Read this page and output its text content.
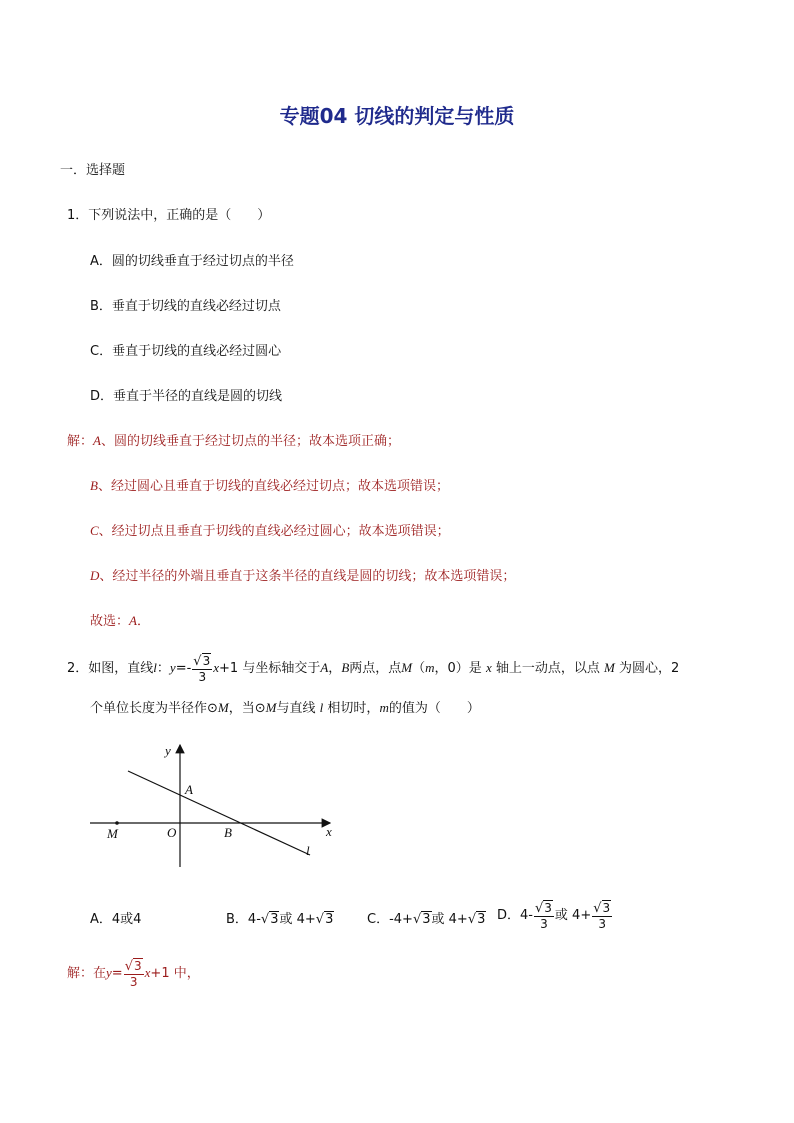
专题04 切线的判定与性质
一．选择题
1．下列说法中，正确的是（　　）
A．圆的切线垂直于经过切点的半径
B．垂直于切线的直线必经过切点
C．垂直于切线的直线必经过圆心
D．垂直于半径的直线是圆的切线
解：A、圆的切线垂直于经过切点的半径；故本选项正确；
B、经过圆心且垂直于切线的直线必经过切点；故本选项错误；
C、经过切点且垂直于切线的直线必经过圆心；故本选项错误；
D、经过半径的外端且垂直于这条半径的直线是圆的切线；故本选项错误；
故选：A．
2．如图，直线l：$y=- \frac{√3}{3} x+1$ 与坐标轴交于A，B两点，点M（m，0）是 x 轴上一动点，以点 M 为圆心，2
个单位长度为半径作⊙M，当⊙M与直线 l 相切时，m的值为（　　）
y
x
A
O	B
M
l
A．4或4	B．4-√3或 4+√3	C．-4+√3或 4+√3 D．$4- \frac{√3}{3}$ 或 $4+ \frac{√3}{3}$
解：在$y= \frac{√3}{3} x+1$ 中，
